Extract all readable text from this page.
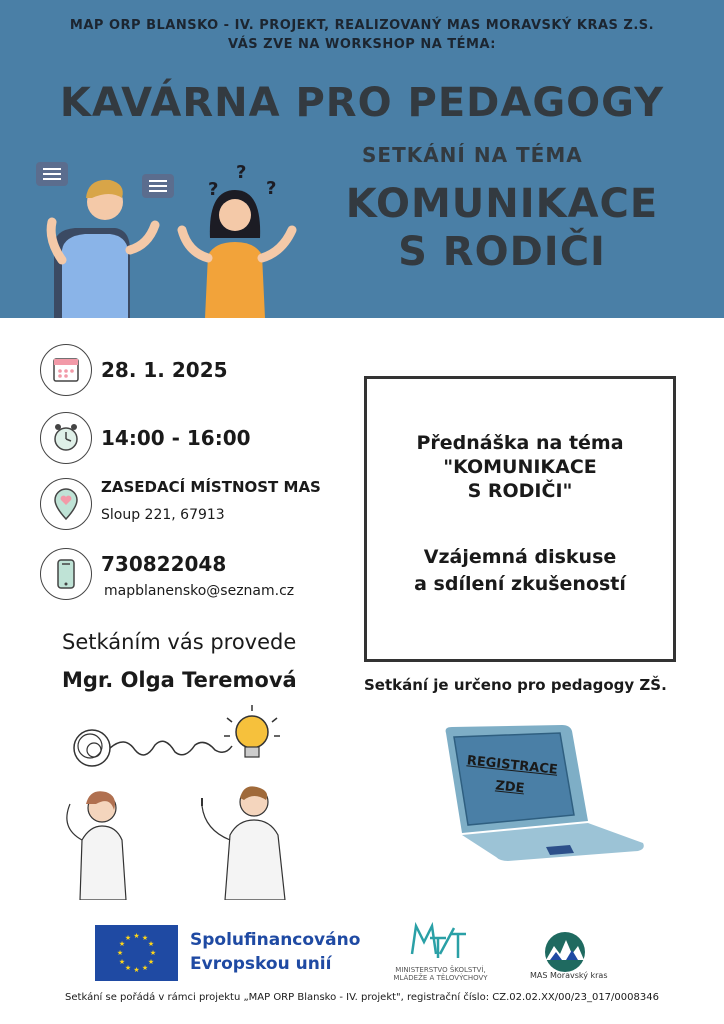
MAP ORP BLANSKO - IV. PROJEKT, REALIZOVANÝ MAS MORAVSKÝ KRAS Z.S.
VÁS ZVE NA WORKSHOP NA TÉMA:
KAVÁRNA PRO PEDAGOGY
SETKÁNÍ NA TÉMA
KOMUNIKACE
S RODIČI
?
?
?
28. 1. 2025
14:00 - 16:00
ZASEDACÍ MÍSTNOST MAS
Sloup 221, 67913
730822048
mapblanensko@seznam.cz
Přednáška na téma
"KOMUNIKACE
S RODIČI"
Vzájemná diskuse
a sdílení zkušeností
Setkáním vás provede
Mgr. Olga Teremová	Setkání je určeno pro pedagogy ZŠ.
REGISTRACE
ZDE
★ ★
★
★
★
★
★
★
★
★
★
★	Spolufinancováno
Evropskou unií	MINISTERSTVO ŠKOLSTVÍ,
MLÁDEŽE A TĚLOVÝCHOVY	MAS Moravský kras
Setkání se pořádá v rámci projektu „MAP ORP Blansko - IV. projekt", registrační číslo: CZ.02.02.XX/00/23_017/0008346
